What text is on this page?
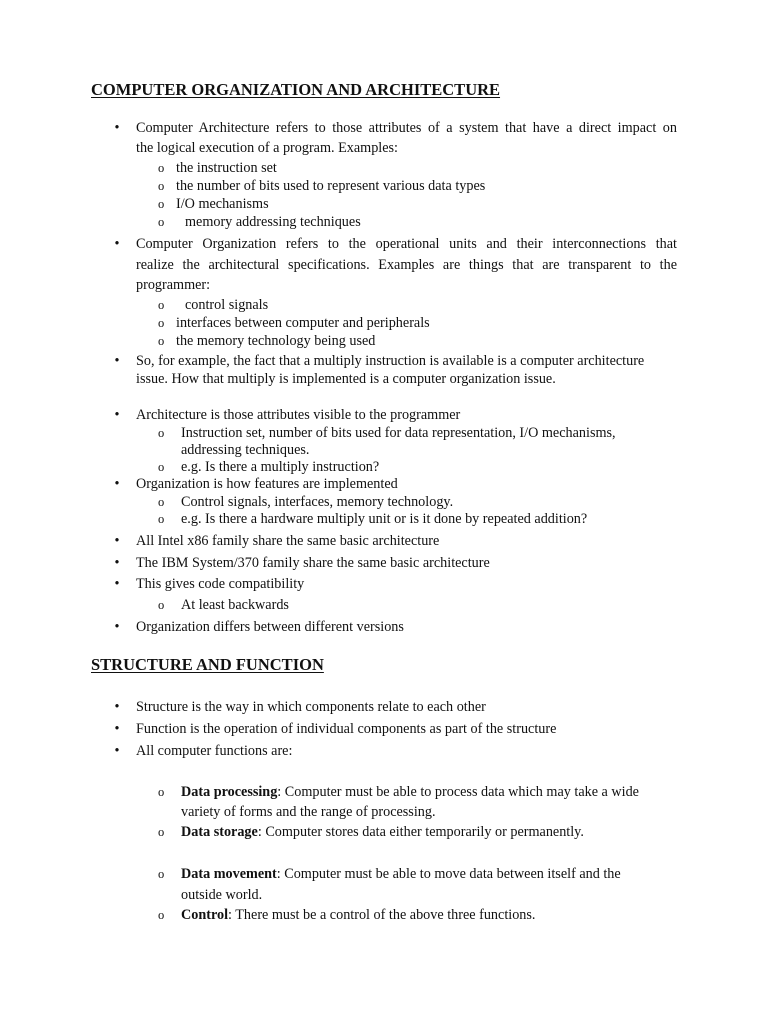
COMPUTER ORGANIZATION AND ARCHITECTURE
• Computer Architecture refers to those attributes of a system that have a direct impact on
the logical execution of a program. Examples:
o the instruction set
o the number of bits used to represent various data types
o I/O mechanisms
o memory addressing techniques
• Computer Organization refers to the operational units and their interconnections that
realize the architectural specifications. Examples are things that are transparent to the
programmer:
o control signals
o interfaces between computer and peripherals
o the memory technology being used
• So, for example, the fact that a multiply instruction is available is a computer architecture
issue. How that multiply is implemented is a computer organization issue.
• Architecture is those attributes visible to the programmer
o Instruction set, number of bits used for data representation, I/O mechanisms,
addressing techniques.
o e.g. Is there a multiply instruction?
• Organization is how features are implemented
o Control signals, interfaces, memory technology.
o e.g. Is there a hardware multiply unit or is it done by repeated addition?
• All Intel x86 family share the same basic architecture
• The IBM System/370 family share the same basic architecture
• This gives code compatibility
o At least backwards
• Organization differs between different versions
STRUCTURE AND FUNCTION
• Structure is the way in which components relate to each other
• Function is the operation of individual components as part of the structure
• All computer functions are:
o Data processing: Computer must be able to process data which may take a wide
variety of forms and the range of processing.
o Data storage: Computer stores data either temporarily or permanently.
o Data movement: Computer must be able to move data between itself and the
outside world.
o Control: There must be a control of the above three functions.
